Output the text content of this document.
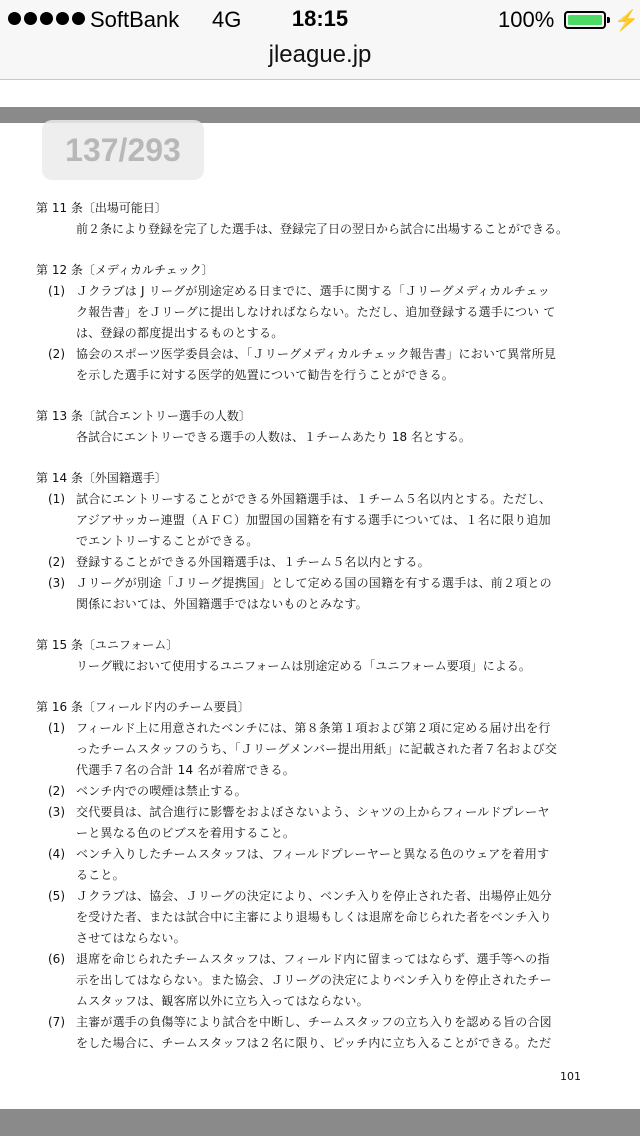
SoftBank 4G	18:15	100%	⚡
jleague.jp
137/293
第 11 条〔出場可能日〕
前２条により登録を完了した選手は、登録完了日の翌日から試合に出場することができる。
第 12 条〔メディカルチェック〕
(1) Ｊクラブは J リーグが別途定める日までに、選手に関する「Ｊリーグメディカルチェッ
ク報告書」をＪリーグに提出しなければならない。ただし、追加登録する選手につい て
は、登録の都度提出するものとする。
(2) 協会のスポーツ医学委員会は、「Ｊリーグメディカルチェック報告書」において異常所見
を示した選手に対する医学的処置について勧告を行うことができる。
第 13 条〔試合エントリー選手の人数〕
各試合にエントリーできる選手の人数は、１チームあたり 18 名とする。
第 14 条〔外国籍選手〕
(1) 試合にエントリーすることができる外国籍選手は、１チーム５名以内とする。ただし、
アジアサッカー連盟（ＡＦＣ）加盟国の国籍を有する選手については、１名に限り追加
でエントリーすることができる。
(2) 登録することができる外国籍選手は、１チーム５名以内とする。
(3) Ｊリーグが別途「Ｊリーグ提携国」として定める国の国籍を有する選手は、前２項との
関係においては、外国籍選手ではないものとみなす。
第 15 条〔ユニフォーム〕
リーグ戦において使用するユニフォームは別途定める「ユニフォーム要項」による。
第 16 条〔フィールド内のチーム要員〕
(1) フィールド上に用意されたベンチには、第８条第１項および第２項に定める届け出を行
ったチームスタッフのうち、「Ｊリーグメンバー提出用紙」に記載された者７名および交
代選手７名の合計 14 名が着席できる。
(2) ベンチ内での喫煙は禁止する。
(3) 交代要員は、試合進行に影響をおよぼさないよう、シャツの上からフィールドプレーヤ
ーと異なる色のビブスを着用すること。
(4) ベンチ入りしたチームスタッフは、フィールドプレーヤーと異なる色のウェアを着用す
ること。
(5) Ｊクラブは、協会、Ｊリーグの決定により、ベンチ入りを停止された者、出場停止処分
を受けた者、または試合中に主審により退場もしくは退席を命じられた者をベンチ入り
させてはならない。
(6) 退席を命じられたチームスタッフは、フィールド内に留まってはならず、選手等への指
示を出してはならない。また協会、Ｊリーグの決定によりベンチ入りを停止されたチー
ムスタッフは、観客席以外に立ち入ってはならない。
(7) 主審が選手の負傷等により試合を中断し、チームスタッフの立ち入りを認める旨の合図
をした場合に、チームスタッフは２名に限り、ピッチ内に立ち入ることができる。ただ
101
